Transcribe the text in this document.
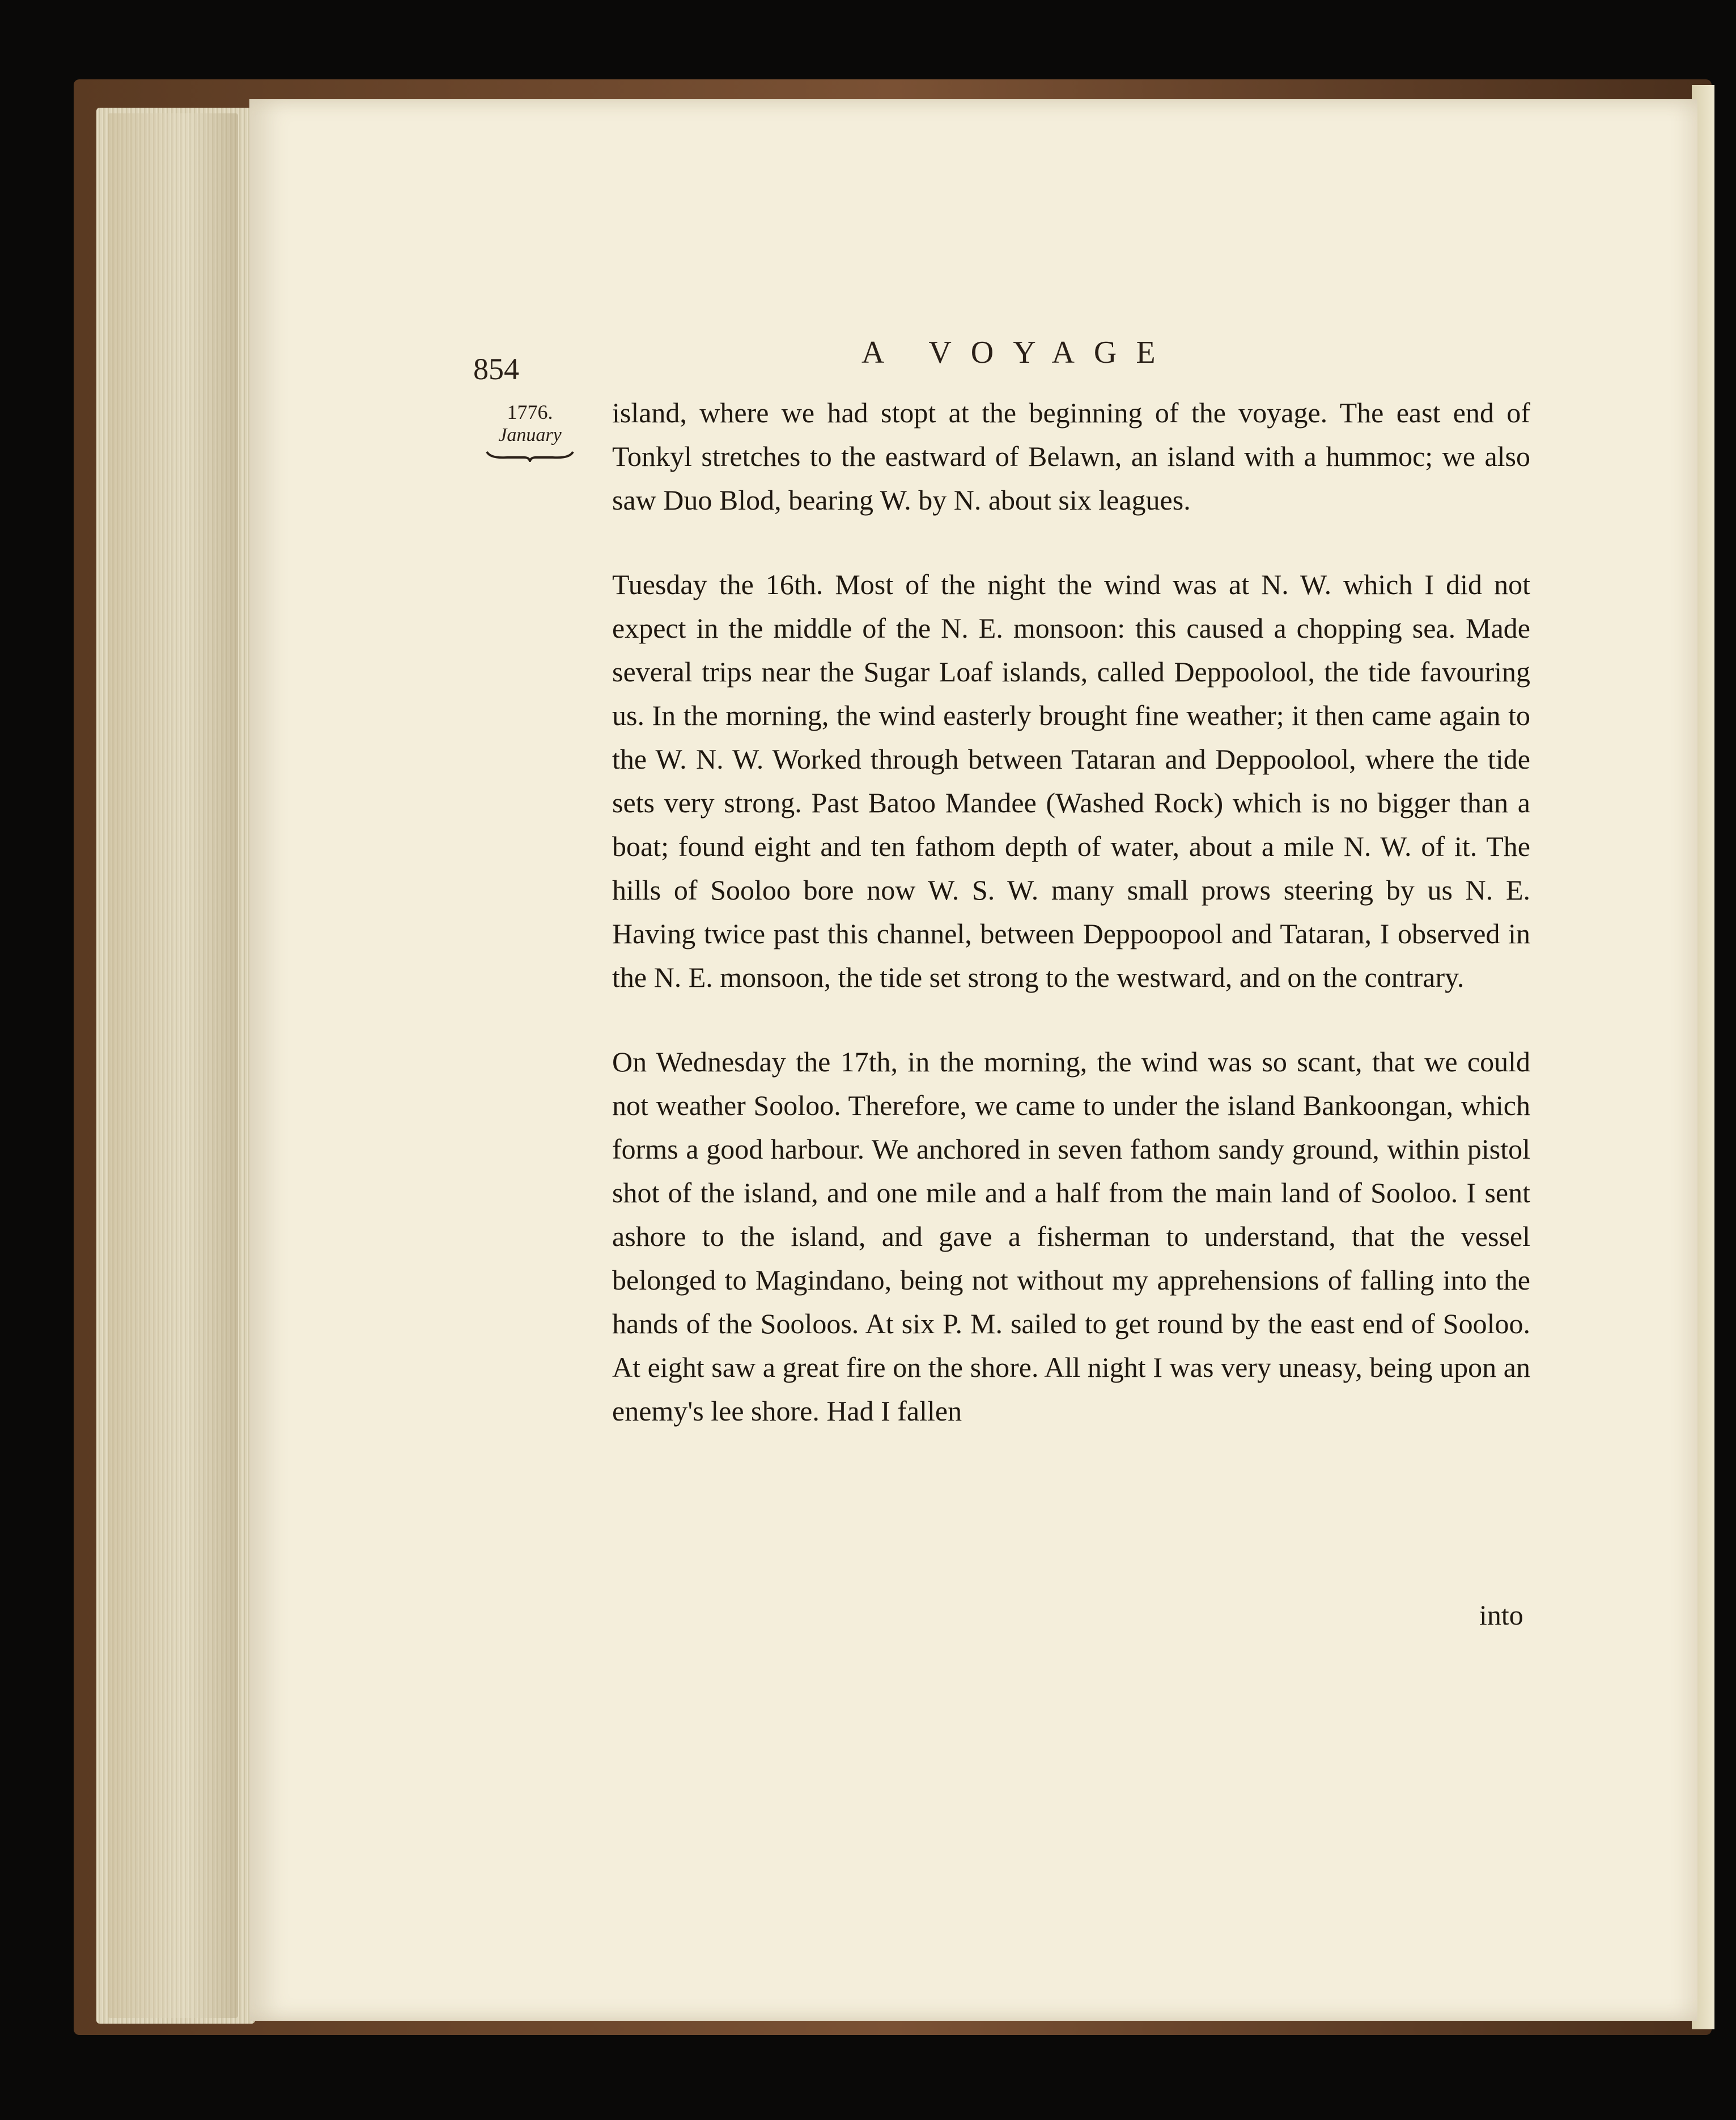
854	A VOYAGE
1776.
January

island, where we had stopt at the beginning of the voyage. The east end of Tonkyl stretches to the eastward of Belawn, an island with a hummoc; we also saw Duo Blod, bearing W. by N. about six leagues.

Tuesday the 16th. Most of the night the wind was at N. W. which I did not expect in the middle of the N. E. monsoon: this caused a chopping sea. Made several trips near the Sugar Loaf islands, called Deppoolool, the tide favouring us. In the morning, the wind easterly brought fine weather; it then came again to the W. N. W. Worked through between Tataran and Deppoolool, where the tide sets very strong. Past Batoo Mandee (Washed Rock) which is no bigger than a boat; found eight and ten fathom depth of water, about a mile N. W. of it. The hills of Sooloo bore now W. S. W. many small prows steering by us N. E. Having twice past this channel, between Deppoopool and Tataran, I observed in the N. E. monsoon, the tide set strong to the westward, and on the contrary.

On Wednesday the 17th, in the morning, the wind was so scant, that we could not weather Sooloo. Therefore, we came to under the island Bankoongan, which forms a good harbour. We anchored in seven fathom sandy ground, within pistol shot of the island, and one mile and a half from the main land of Sooloo. I sent ashore to the island, and gave a fisherman to understand, that the vessel belonged to Magindano, being not without my apprehensions of falling into the hands of the Sooloos. At six P. M. sailed to get round by the east end of Sooloo. At eight saw a great fire on the shore. All night I was very uneasy, being upon an enemy's lee shore. Had I fallen

into
